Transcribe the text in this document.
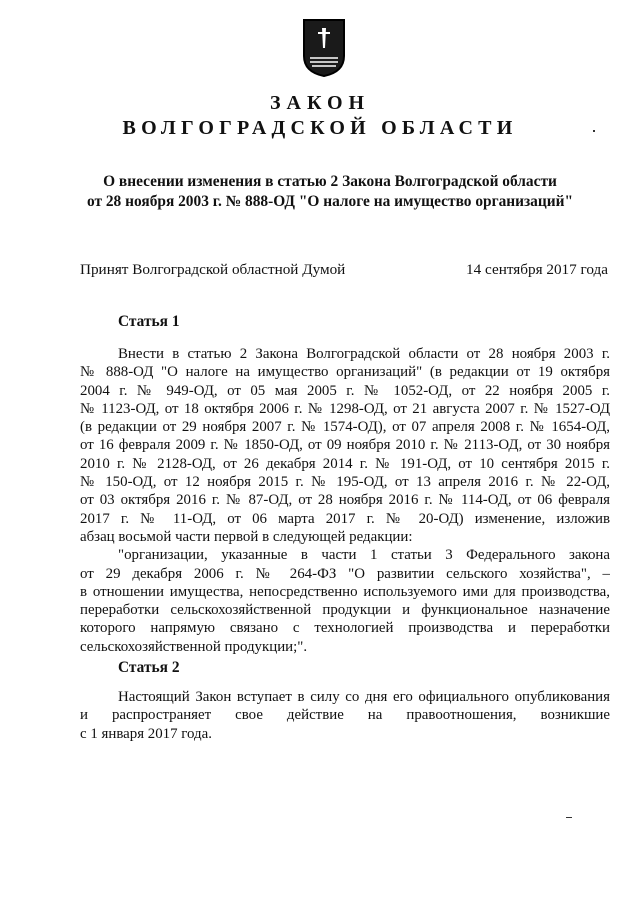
ЗАКОН
ВОЛГОГРАДСКОЙ ОБЛАСТИ
О внесении изменения в статью 2 Закона Волгоградской области
от 28 ноября 2003 г. № 888-ОД "О налоге на имущество организаций"
Принят Волгоградской областной Думой	14 сентября 2017 года
Статья 1
Внести в статью 2 Закона Волгоградской области от 28 ноября 2003 г.
№ 888-ОД "О налоге на имущество организаций" (в редакции от 19 октября
2004 г. № 949-ОД, от 05 мая 2005 г. № 1052-ОД, от 22 ноября 2005 г.
№ 1123-ОД, от 18 октября 2006 г. № 1298-ОД, от 21 августа 2007 г. № 1527-ОД
(в редакции от 29 ноября 2007 г. № 1574-ОД), от 07 апреля 2008 г. № 1654-ОД,
от 16 февраля 2009 г. № 1850-ОД, от 09 ноября 2010 г. № 2113-ОД, от 30 ноября
2010 г. № 2128-ОД, от 26 декабря 2014 г. № 191-ОД, от 10 сентября 2015 г.
№ 150-ОД, от 12 ноября 2015 г. № 195-ОД, от 13 апреля 2016 г. № 22-ОД,
от 03 октября 2016 г. № 87-ОД, от 28 ноября 2016 г. № 114-ОД, от 06 февраля
2017 г. № 11-ОД, от 06 марта 2017 г. № 20-ОД) изменение, изложив
абзац восьмой части первой в следующей редакции:
"организации, указанные в части 1 статьи 3 Федерального закона
от 29 декабря 2006 г. № 264-ФЗ "О развитии сельского хозяйства", –
в отношении имущества, непосредственно используемого ими для производства,
переработки сельскохозяйственной продукции и функциональное назначение
которого напрямую связано с технологией производства и переработки
сельскохозяйственной продукции;".
Статья 2
Настоящий Закон вступает в силу со дня его официального опубликования
и распространяет свое действие на правоотношения, возникшие
с 1 января 2017 года.
